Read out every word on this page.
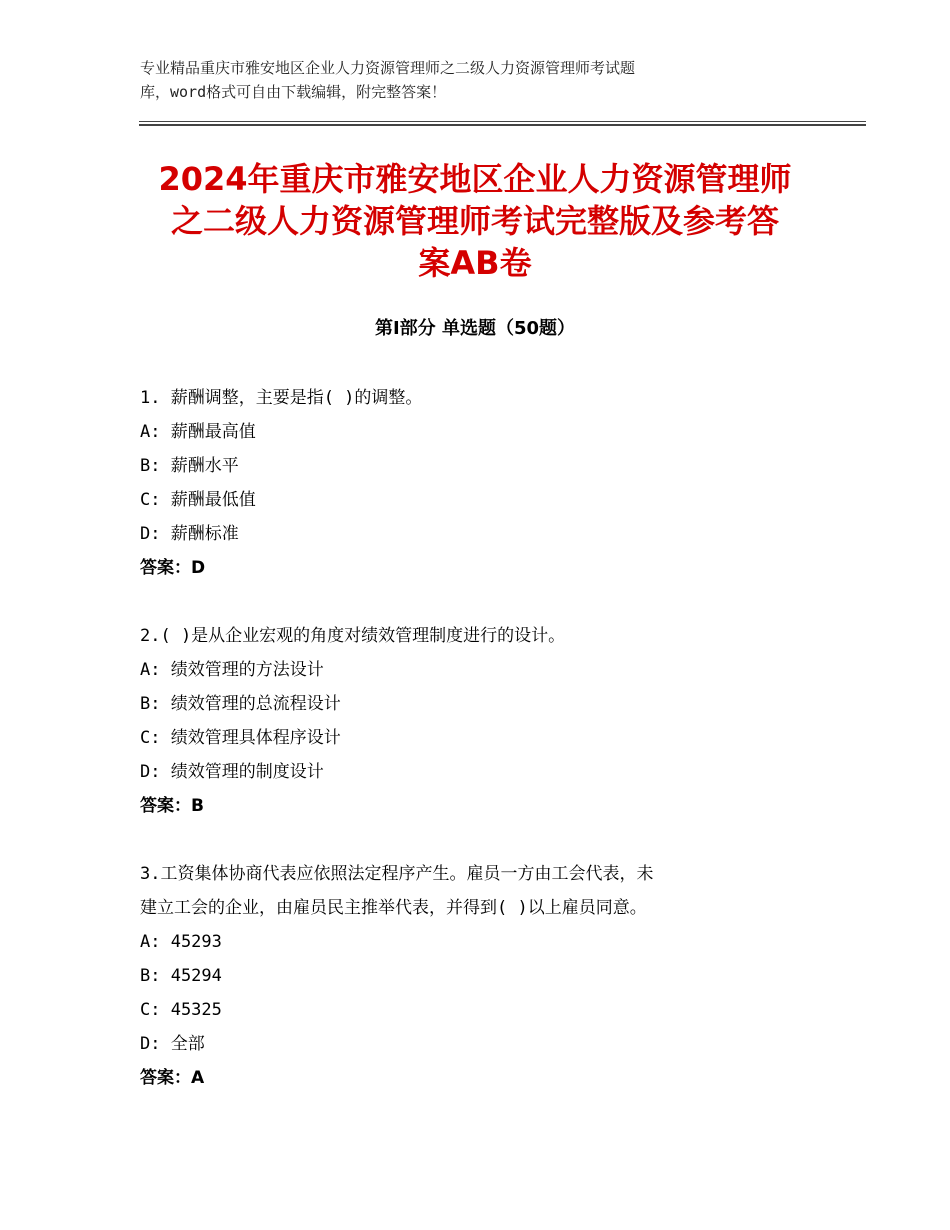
专业精品重庆市雅安地区企业人力资源管理师之二级人力资源管理师考试题
库，word格式可自由下载编辑，附完整答案！
2024年重庆市雅安地区企业人力资源管理师
之二级人力资源管理师考试完整版及参考答
案AB卷
第Ⅰ部分 单选题（50题）
1. 薪酬调整，主要是指( )的调整。
A: 薪酬最高值
B: 薪酬水平
C: 薪酬最低值
D: 薪酬标准
答案：D
2.( )是从企业宏观的角度对绩效管理制度进行的设计。
A: 绩效管理的方法设计
B: 绩效管理的总流程设计
C: 绩效管理具体程序设计
D: 绩效管理的制度设计
答案：B
3.工资集体协商代表应依照法定程序产生。雇员一方由工会代表，未
建立工会的企业，由雇员民主推举代表，并得到( )以上雇员同意。
A: 45293
B: 45294
C: 45325
D: 全部
答案：A
